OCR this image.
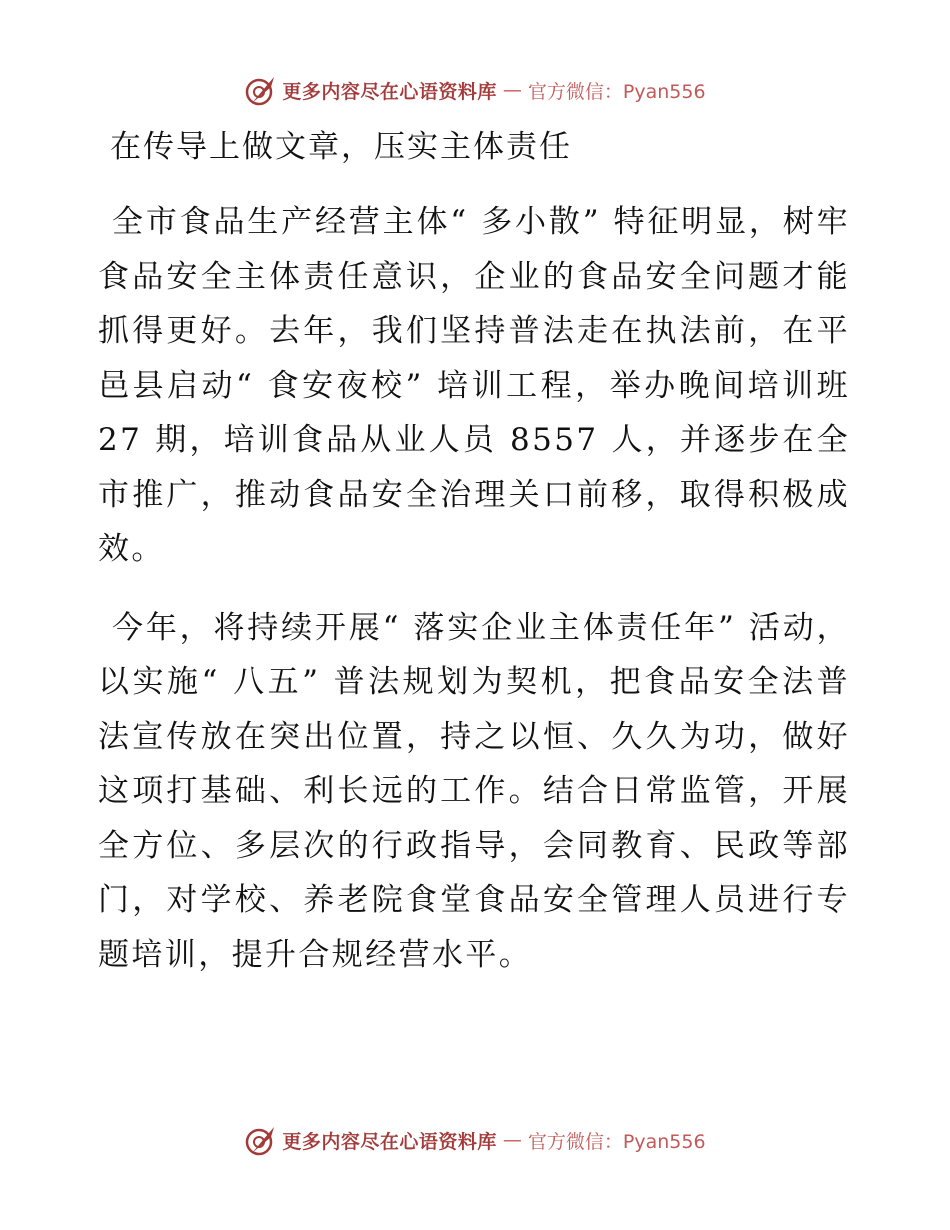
更多内容尽在心语资料库 — 官方微信：Pyan556
在传导上做文章，压实主体责任

全市食品生产经营主体“ 多小散” 特征明显，树牢食品安全主体责任意识，企业的食品安全问题才能抓得更好。去年，我们坚持普法走在执法前，在平邑县启动“ 食安夜校” 培训工程，举办晚间培训班 27 期，培训食品从业人员 8557 人，并逐步在全市推广，推动食品安全治理关口前移，取得积极成效。

今年，将持续开展“ 落实企业主体责任年” 活动，以实施“ 八五” 普法规划为契机，把食品安全法普法宣传放在突出位置，持之以恒、久久为功，做好这项打基础、利长远的工作。结合日常监管，开展全方位、多层次的行政指导，会同教育、民政等部门，对学校、养老院食堂食品安全管理人员进行专题培训，提升合规经营水平。

更多内容尽在心语资料库 — 官方微信：Pyan556
